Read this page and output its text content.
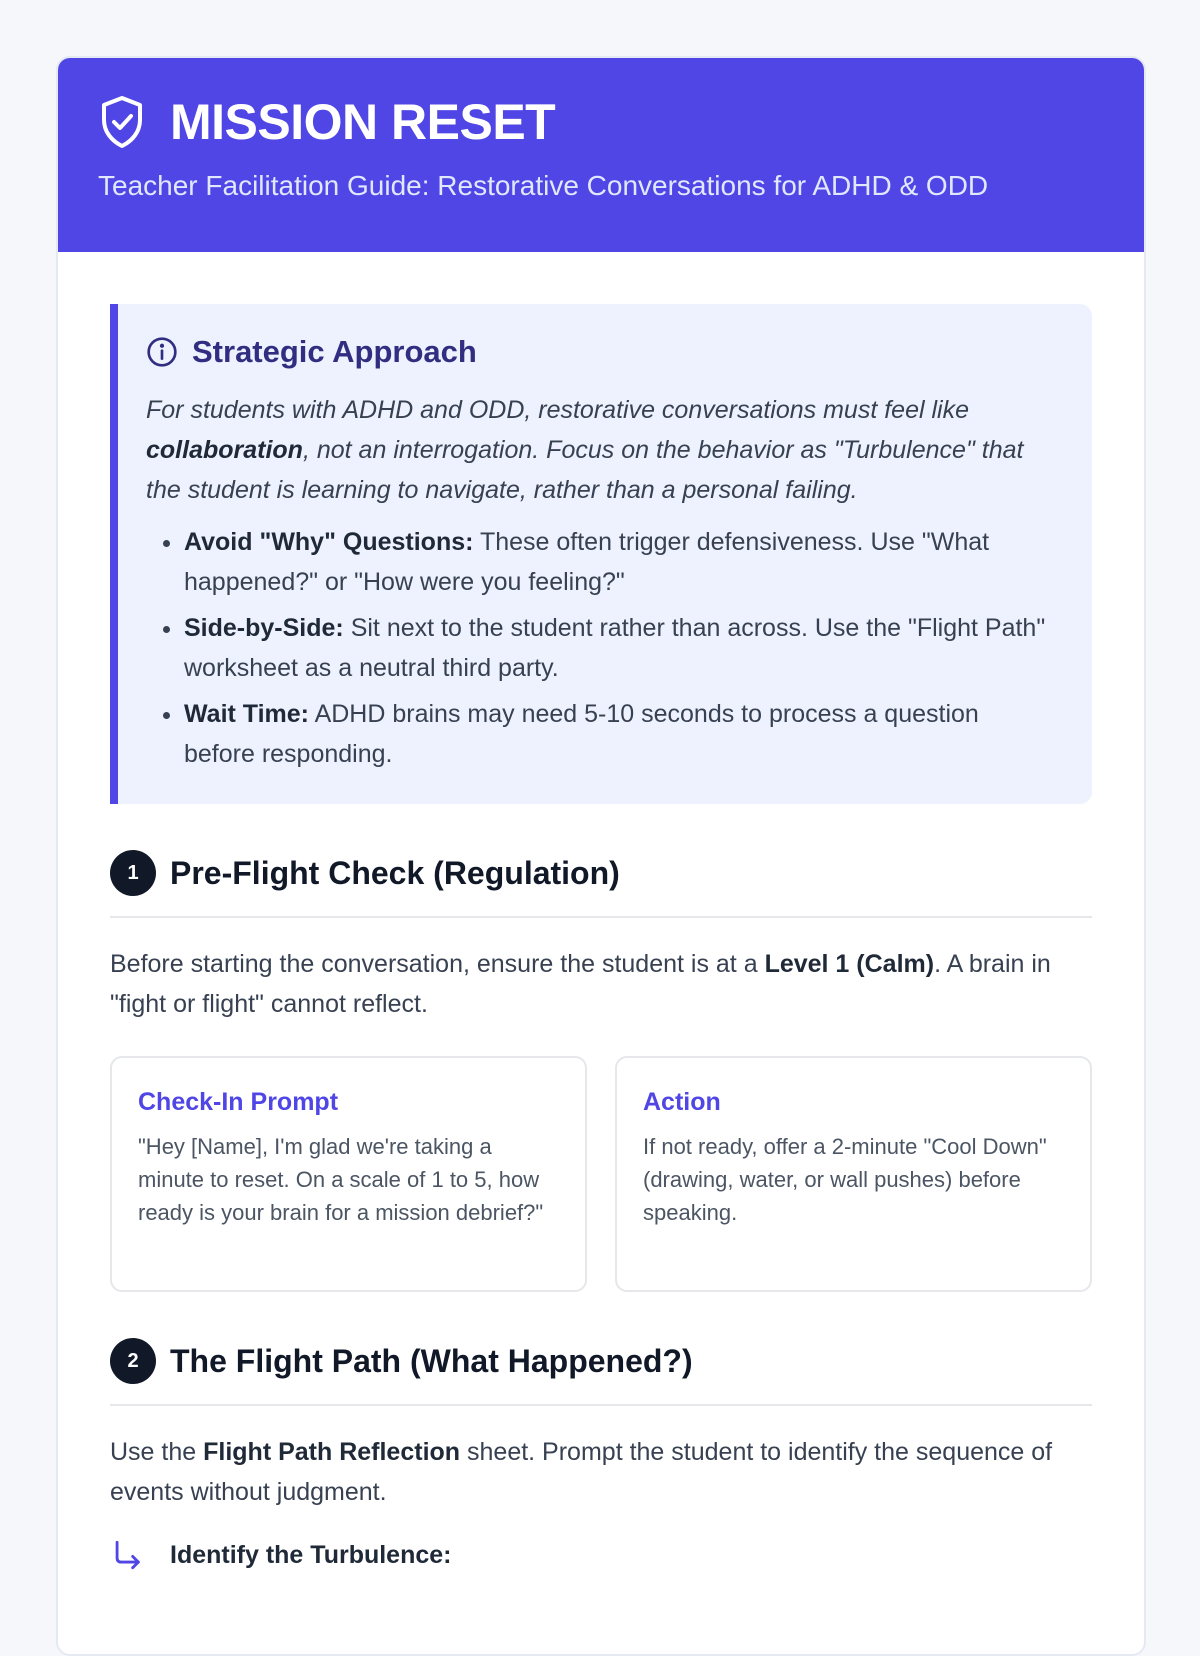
MISSION RESET
Teacher Facilitation Guide: Restorative Conversations for ADHD & ODD
Strategic Approach

For students with ADHD and ODD, restorative conversations must feel like collaboration, not an interrogation. Focus on the behavior as "Turbulence" that the student is learning to navigate, rather than a personal failing.

• Avoid "Why" Questions: These often trigger defensiveness. Use "What happened?" or "How were you feeling?"
• Side-by-Side: Sit next to the student rather than across. Use the "Flight Path" worksheet as a neutral third party.
• Wait Time: ADHD brains may need 5-10 seconds to process a question before responding.
1 Pre-Flight Check (Regulation)

Before starting the conversation, ensure the student is at a Level 1 (Calm). A brain in "fight or flight" cannot reflect.

Check-In Prompt
"Hey [Name], I'm glad we're taking a minute to reset. On a scale of 1 to 5, how ready is your brain for a mission debrief?"
Action
If not ready, offer a 2-minute "Cool Down" (drawing, water, or wall pushes) before speaking.
2 The Flight Path (What Happened?)

Use the Flight Path Reflection sheet. Prompt the student to identify the sequence of events without judgment.

Identify the Turbulence:
